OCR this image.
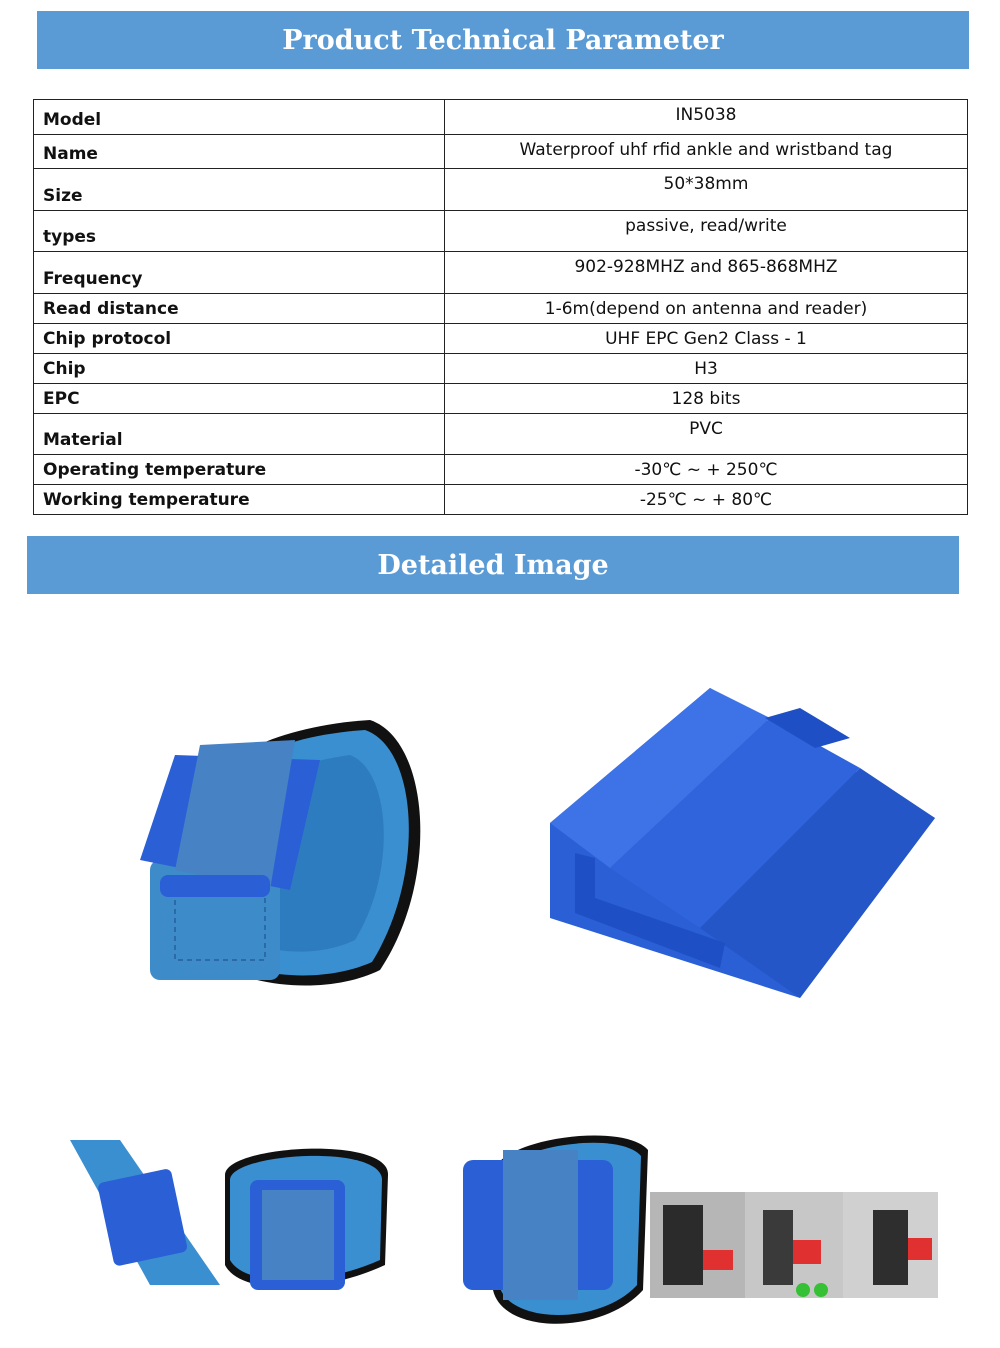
Product Technical Parameter
Model	IN5038
Name	Waterproof uhf rfid ankle and wristband tag
Size	50*38mm
types	passive, read/write
Frequency	902-928MHZ and 865-868MHZ
Read distance	1-6m(depend on antenna and reader)
Chip protocol	UHF EPC Gen2 Class - 1
Chip	H3
EPC	128 bits
Material	PVC
Operating temperature	-30℃ ~ + 250℃
Working temperature	-25℃ ~ + 80℃
Detailed Image
